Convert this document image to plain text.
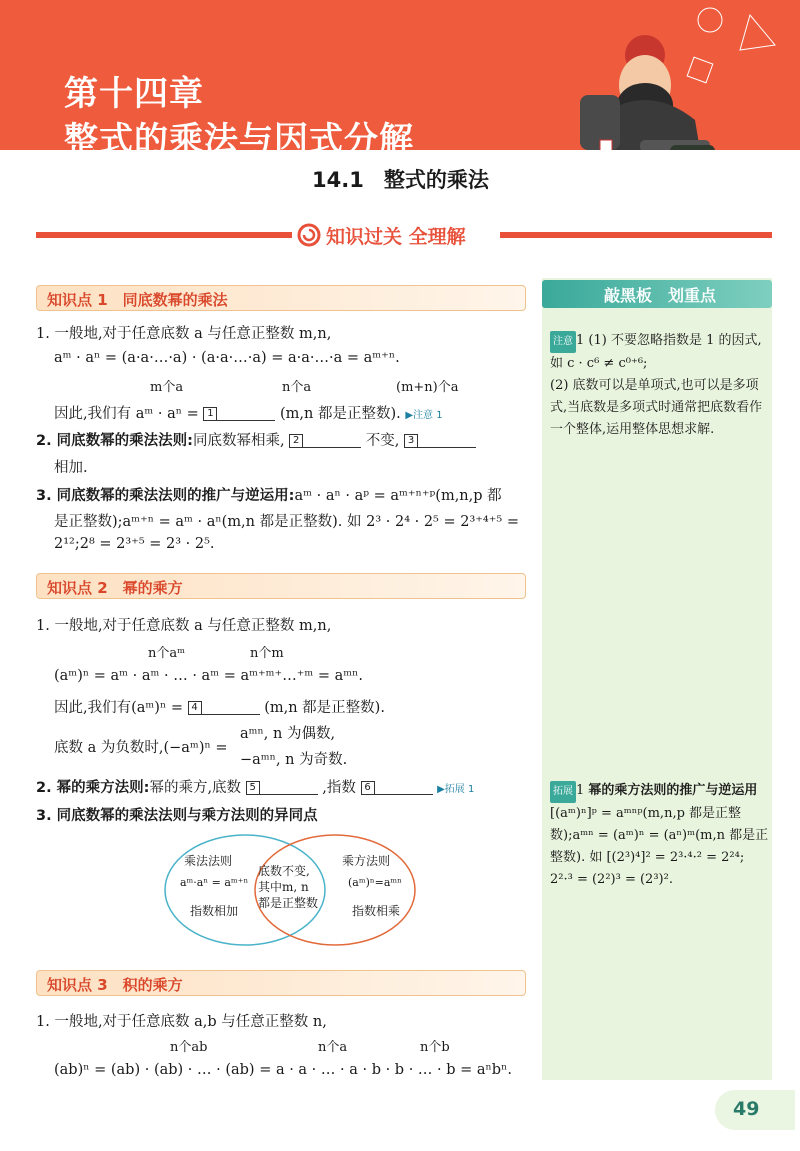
第十四章
整式的乘法与因式分解
14.1 整式的乘法
知识过关 全理解
敲黑板　划重点
注意 1 (1) 不要忽略指数是 1 的因式,如 c · c⁶ ≠ c⁰⁺⁶;
(2) 底数可以是单项式,也可以是多项式,当底数是多项式时通常把底数看作一个整体,运用整体思想求解.
拓展 1 幂的乘方法则的推广与逆运用
[(aᵐ)ⁿ]ᵖ = aᵐⁿᵖ(m,n,p 都是正整数);aᵐⁿ = (aᵐ)ⁿ = (aⁿ)ᵐ(m,n 都是正整数). 如 [(2³)⁴]² = 2³·⁴·² = 2²⁴;
2²·³ = (2²)³ = (2³)².
知识点 1　同底数幂的乘法
1. 一般地,对于任意底数 a 与任意正整数 m,n,
aᵐ · aⁿ = (a·a·…·a) · (a·a·…·a) = a·a·…·a = aᵐ⁺ⁿ.
m个a	n个a	(m+n)个a
因此,我们有 aᵐ · aⁿ = 1	(m,n 都是正整数). ▶注意 1
2. 同底数幂的乘法法则:同底数幂相乘, 2	不变, 3
相加.
3. 同底数幂的乘法法则的推广与逆运用:aᵐ · aⁿ · aᵖ = aᵐ⁺ⁿ⁺ᵖ(m,n,p 都
是正整数);aᵐ⁺ⁿ = aᵐ · aⁿ(m,n 都是正整数). 如 2³ · 2⁴ · 2⁵ = 2³⁺⁴⁺⁵ =
2¹²;2⁸ = 2³⁺⁵ = 2³ · 2⁵.
知识点 2　幂的乘方
1. 一般地,对于任意底数 a 与任意正整数 m,n,
n个aᵐ	n个m
(aᵐ)ⁿ = aᵐ · aᵐ · … · aᵐ = aᵐ⁺ᵐ⁺…⁺ᵐ = aᵐⁿ.
因此,我们有(aᵐ)ⁿ = 4	(m,n 都是正整数).
底数 a 为负数时,(−aᵐ)ⁿ =
aᵐⁿ, n 为偶数,
−aᵐⁿ, n 为奇数.
2. 幂的乘方法则:幂的乘方,底数 5	,指数 6	▶拓展 1
3. 同底数幂的乘法法则与乘方法则的异同点
乘法法则
aᵐ·aⁿ = aᵐ⁺ⁿ
指数相加
底数不变,
其中m, n
都是正整数
乘方法则
(aᵐ)ⁿ=aᵐⁿ
指数相乘
知识点 3　积的乘方
1. 一般地,对于任意底数 a,b 与任意正整数 n,
n个ab	n个a	n个b
(ab)ⁿ = (ab) · (ab) · … · (ab) = a · a · … · a · b · b · … · b = aⁿbⁿ.
49
